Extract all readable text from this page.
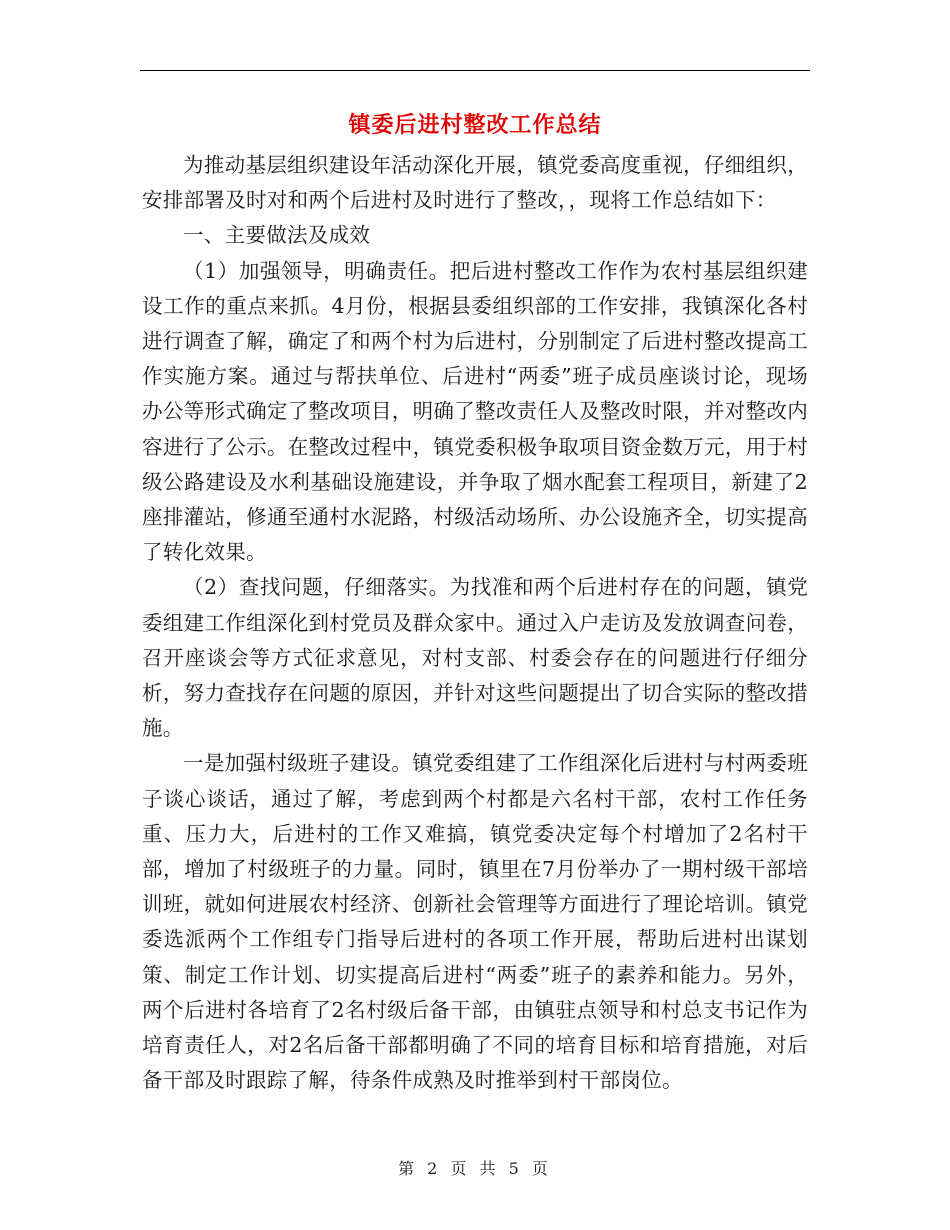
镇委后进村整改工作总结

为推动基层组织建设年活动深化开展，镇党委高度重视，仔细组织，安排部署及时对和两个后进村及时进行了整改，，现将工作总结如下：

一、主要做法及成效

（1）加强领导，明确责任。把后进村整改工作作为农村基层组织建设工作的重点来抓。4月份，根据县委组织部的工作安排，我镇深化各村进行调查了解，确定了和两个村为后进村，分别制定了后进村整改提高工作实施方案。通过与帮扶单位、后进村“两委”班子成员座谈讨论，现场办公等形式确定了整改项目，明确了整改责任人及整改时限，并对整改内容进行了公示。在整改过程中，镇党委积极争取项目资金数万元，用于村级公路建设及水利基础设施建设，并争取了烟水配套工程项目，新建了2座排灌站，修通至通村水泥路，村级活动场所、办公设施齐全，切实提高了转化效果。

（2）查找问题，仔细落实。为找准和两个后进村存在的问题，镇党委组建工作组深化到村党员及群众家中。通过入户走访及发放调查问卷，召开座谈会等方式征求意见，对村支部、村委会存在的问题进行仔细分析，努力查找存在问题的原因，并针对这些问题提出了切合实际的整改措施。

一是加强村级班子建设。镇党委组建了工作组深化后进村与村两委班子谈心谈话，通过了解，考虑到两个村都是六名村干部，农村工作任务重、压力大，后进村的工作又难搞，镇党委决定每个村增加了2名村干部，增加了村级班子的力量。同时，镇里在7月份举办了一期村级干部培训班，就如何进展农村经济、创新社会管理等方面进行了理论培训。镇党委选派两个工作组专门指导后进村的各项工作开展，帮助后进村出谋划策、制定工作计划、切实提高后进村“两委”班子的素养和能力。另外，两个后进村各培育了2名村级后备干部，由镇驻点领导和村总支书记作为培育责任人，对2名后备干部都明确了不同的培育目标和培育措施，对后备干部及时跟踪了解，待条件成熟及时推举到村干部岗位。

第 2 页 共 5 页
